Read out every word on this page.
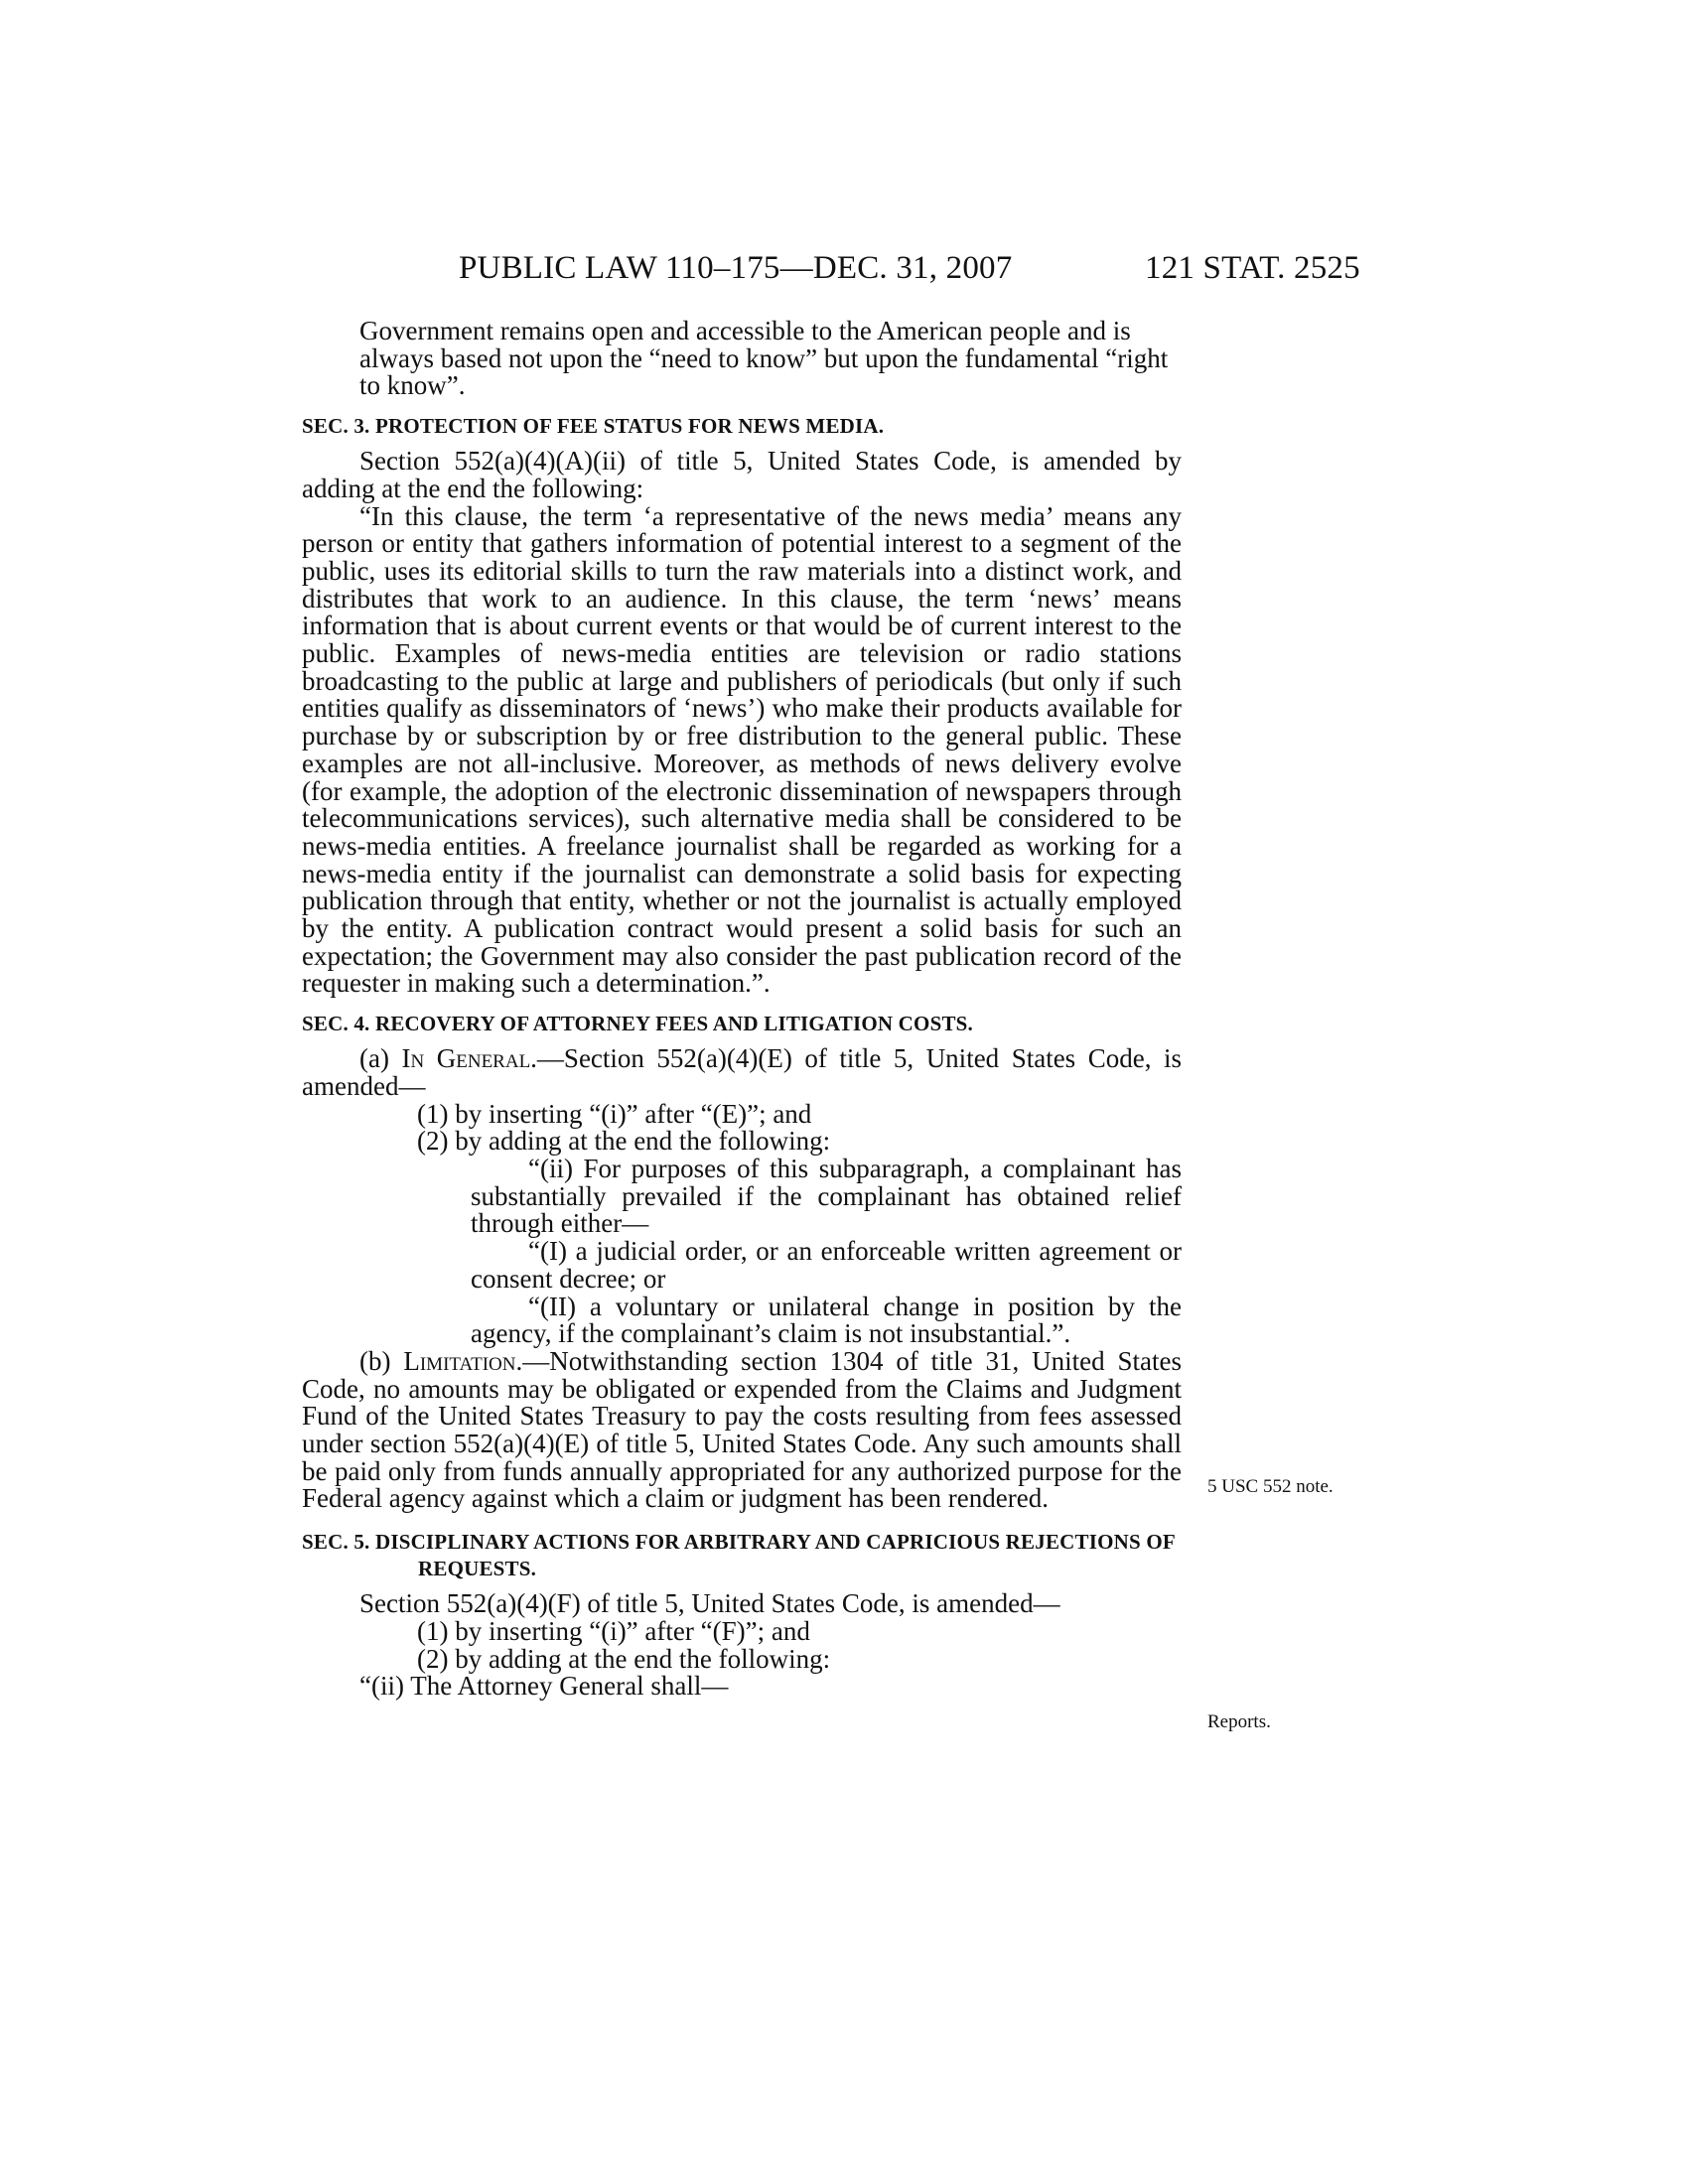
PUBLIC LAW 110–175—DEC. 31, 2007	121 STAT. 2525

Government remains open and accessible to the American people and is always based not upon the “need to know” but upon the fundamental “right to know”.

SEC. 3. PROTECTION OF FEE STATUS FOR NEWS MEDIA.

Section 552(a)(4)(A)(ii) of title 5, United States Code, is amended by adding at the end the following:

“In this clause, the term ‘a representative of the news media’ means any person or entity that gathers information of potential interest to a segment of the public, uses its editorial skills to turn the raw materials into a distinct work, and distributes that work to an audience. In this clause, the term ‘news’ means information that is about current events or that would be of current interest to the public. Examples of news-media entities are television or radio stations broadcasting to the public at large and publishers of periodicals (but only if such entities qualify as disseminators of ‘news’) who make their products available for purchase by or subscription by or free distribution to the general public. These examples are not all-inclusive. Moreover, as methods of news delivery evolve (for example, the adoption of the electronic dissemination of newspapers through telecommunications services), such alternative media shall be considered to be news-media entities. A freelance journalist shall be regarded as working for a news-media entity if the journalist can demonstrate a solid basis for expecting publication through that entity, whether or not the journalist is actually employed by the entity. A publication contract would present a solid basis for such an expectation; the Government may also consider the past publication record of the requester in making such a determination.”.

SEC. 4. RECOVERY OF ATTORNEY FEES AND LITIGATION COSTS.

(a) In General.—Section 552(a)(4)(E) of title 5, United States Code, is amended—

(1) by inserting “(i)” after “(E)”; and

(2) by adding at the end the following:

“(ii) For purposes of this subparagraph, a complainant has substantially prevailed if the complainant has obtained relief through either—

“(I) a judicial order, or an enforceable written agreement or consent decree; or

“(II) a voluntary or unilateral change in position by the agency, if the complainant’s claim is not insubstantial.”.

(b) Limitation.—Notwithstanding section 1304 of title 31, United States Code, no amounts may be obligated or expended from the Claims and Judgment Fund of the United States Treasury to pay the costs resulting from fees assessed under section 552(a)(4)(E) of title 5, United States Code. Any such amounts shall be paid only from funds annually appropriated for any authorized purpose for the Federal agency against which a claim or judgment has been rendered.

SEC. 5. DISCIPLINARY ACTIONS FOR ARBITRARY AND CAPRICIOUS REJECTIONS OF REQUESTS.

Section 552(a)(4)(F) of title 5, United States Code, is amended—

(1) by inserting “(i)” after “(F)”; and

(2) by adding at the end the following:

“(ii) The Attorney General shall—

5 USC 552 note.
Reports.
